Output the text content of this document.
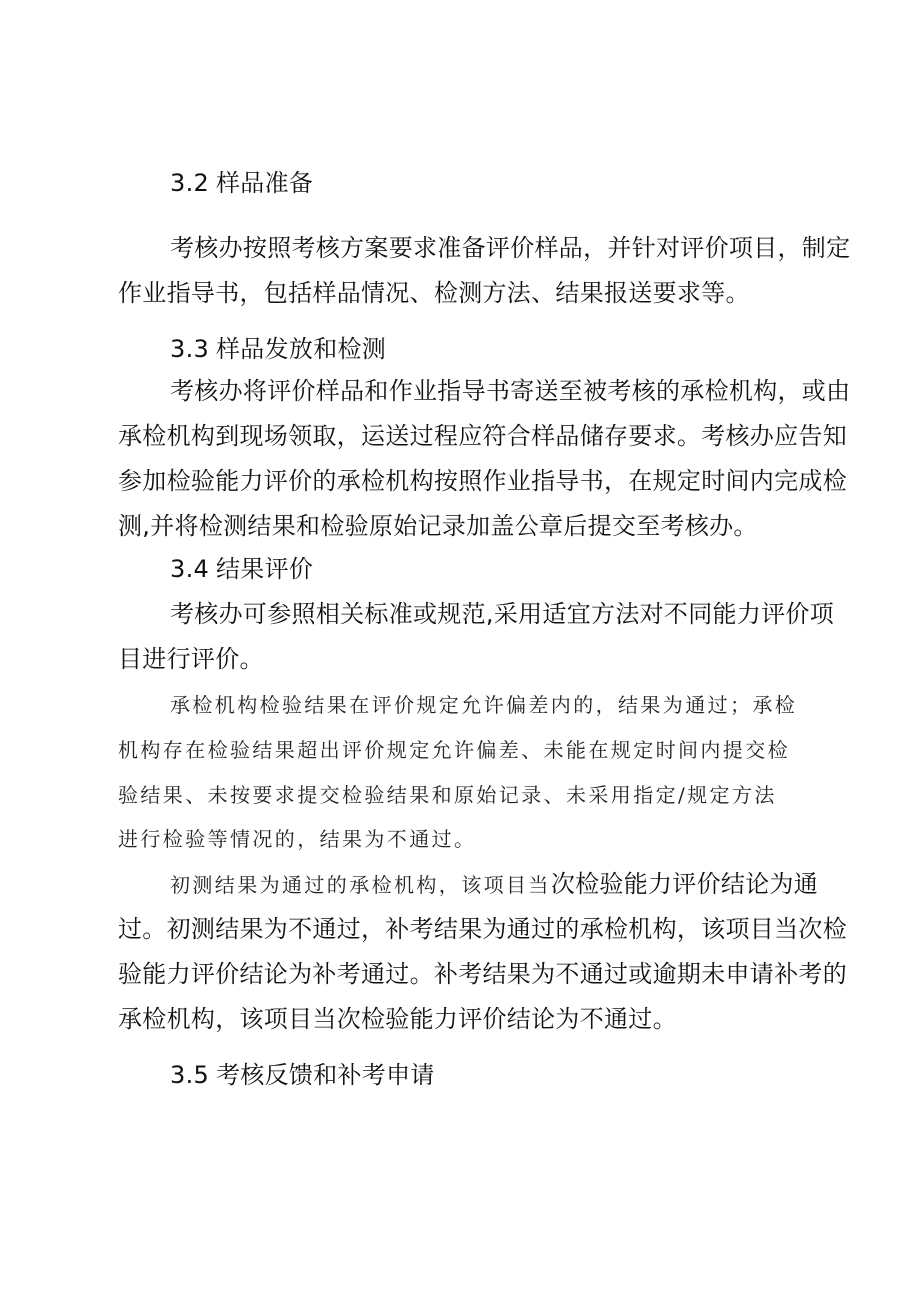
3.2 样品准备
考核办按照考核方案要求准备评价样品，并针对评价项目，制定
作业指导书，包括样品情况、检测方法、结果报送要求等。
3.3 样品发放和检测
考核办将评价样品和作业指导书寄送至被考核的承检机构，或由
承检机构到现场领取，运送过程应符合样品储存要求。考核办应告知
参加检验能力评价的承检机构按照作业指导书，在规定时间内完成检
测,并将检测结果和检验原始记录加盖公章后提交至考核办。
3.4 结果评价
考核办可参照相关标准或规范,采用适宜方法对不同能力评价项
目进行评价。
承检机构检验结果在评价规定允许偏差内的，结果为通过；承检
机构存在检验结果超出评价规定允许偏差、未能在规定时间内提交检
验结果、未按要求提交检验结果和原始记录、未采用指定/规定方法
进行检验等情况的，结果为不通过。
初测结果为通过的承检机构，该项目当次检验能力评价结论为通
过。初测结果为不通过，补考结果为通过的承检机构，该项目当次检
验能力评价结论为补考通过。补考结果为不通过或逾期未申请补考的
承检机构，该项目当次检验能力评价结论为不通过。
3.5 考核反馈和补考申请
